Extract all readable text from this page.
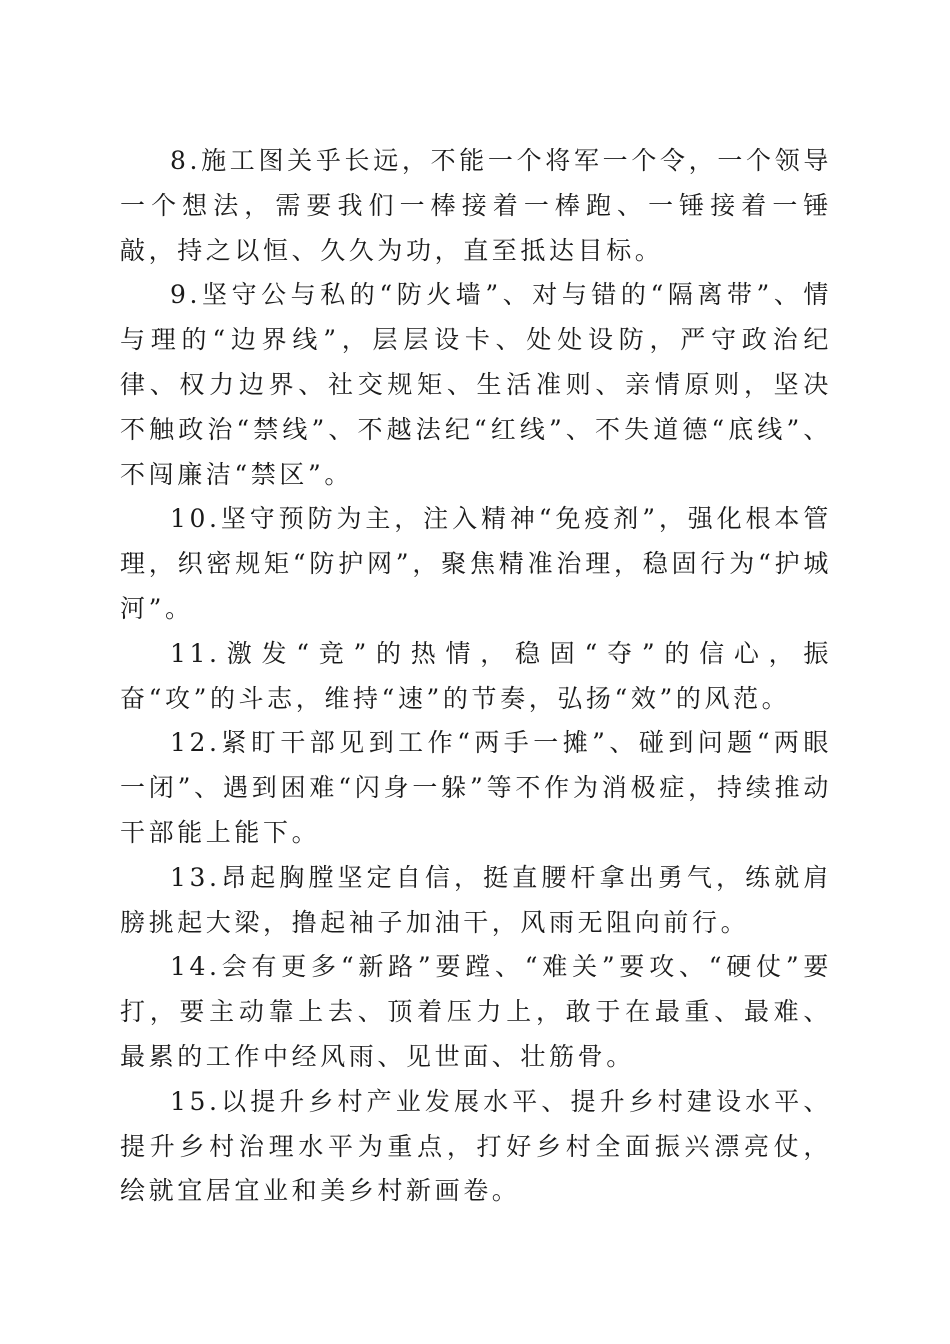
8.施工图关乎长远，不能一个将军一个令，一个领导一个想法，需要我们一棒接着一棒跑、一锤接着一锤敲，持之以恒、久久为功，直至抵达目标。

9.坚守公与私的“防火墙”、对与错的“隔离带”、情与理的“边界线”，层层设卡、处处设防，严守政治纪律、权力边界、社交规矩、生活准则、亲情原则，坚决不触政治“禁线”、不越法纪“红线”、不失道德“底线”、不闯廉洁“禁区”。

10.坚守预防为主，注入精神“免疫剂”，强化根本管理，织密规矩“防护网”，聚焦精准治理，稳固行为“护城河”。

11.激发“竞”的热情，稳固“夺”的信心，振奋“攻”的斗志，维持“速”的节奏，弘扬“效”的风范。

12.紧盯干部见到工作“两手一摊”、碰到问题“两眼一闭”、遇到困难“闪身一躲”等不作为消极症，持续推动干部能上能下。

13.昂起胸膛坚定自信，挺直腰杆拿出勇气，练就肩膀挑起大梁，撸起袖子加油干，风雨无阻向前行。

14.会有更多“新路”要蹚、“难关”要攻、“硬仗”要打，要主动靠上去、顶着压力上，敢于在最重、最难、最累的工作中经风雨、见世面、壮筋骨。

15.以提升乡村产业发展水平、提升乡村建设水平、提升乡村治理水平为重点，打好乡村全面振兴漂亮仗，绘就宜居宜业和美乡村新画卷。
